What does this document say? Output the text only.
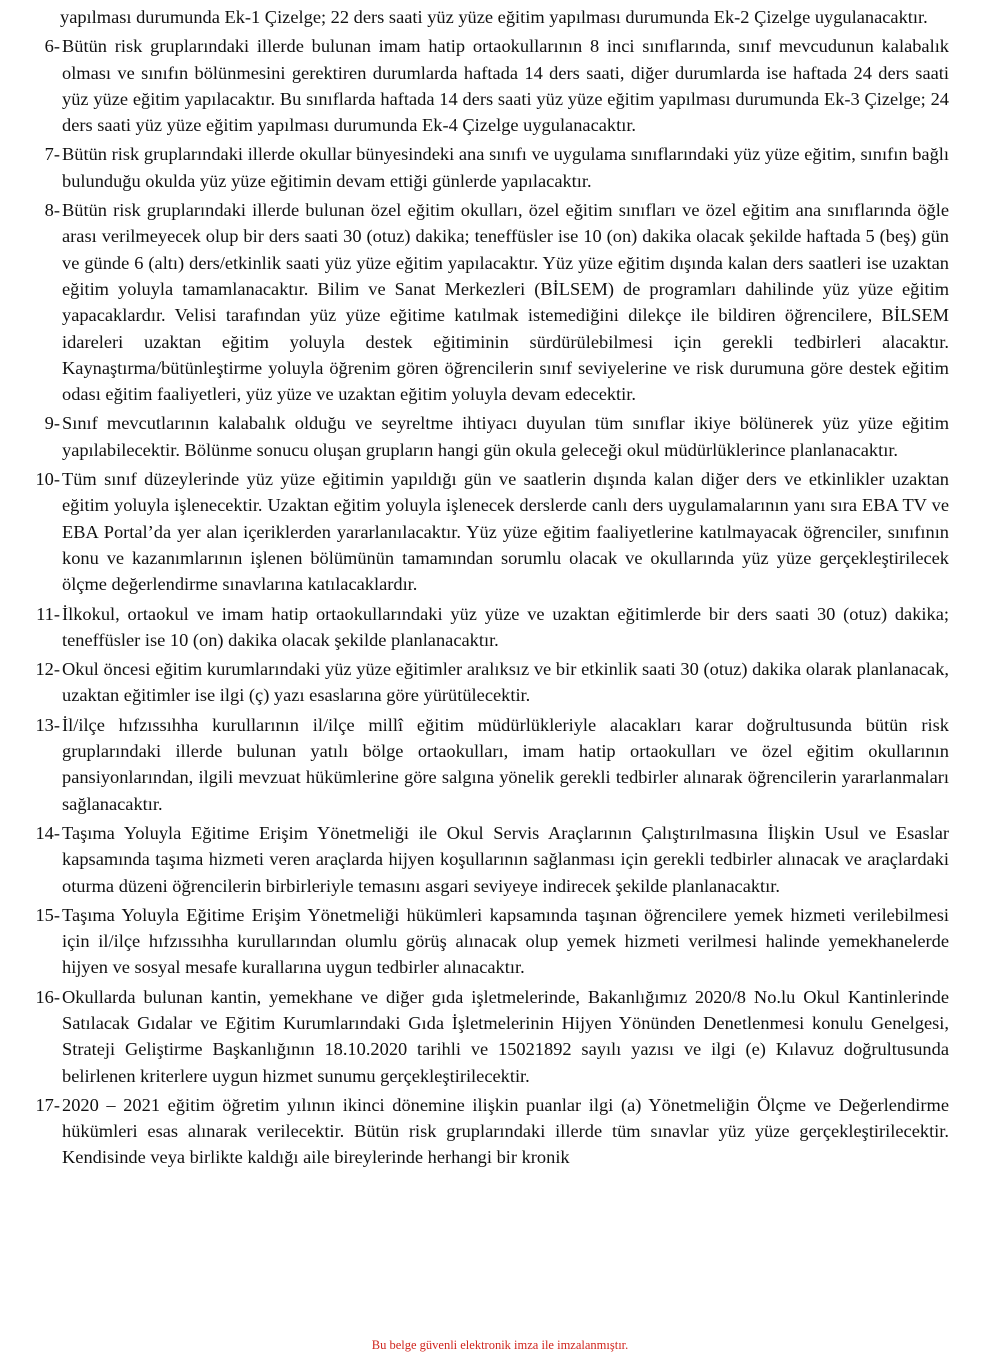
yapılması durumunda Ek-1 Çizelge; 22 ders saati yüz yüze eğitim yapılması durumunda Ek-2 Çizelge uygulanacaktır.
6- Bütün risk gruplarındaki illerde bulunan imam hatip ortaokullarının 8 inci sınıflarında, sınıf mevcudunun kalabalık olması ve sınıfın bölünmesini gerektiren durumlarda haftada 14 ders saati, diğer durumlarda ise haftada 24 ders saati yüz yüze eğitim yapılacaktır. Bu sınıflarda haftada 14 ders saati yüz yüze eğitim yapılması durumunda Ek-3 Çizelge; 24 ders saati yüz yüze eğitim yapılması durumunda Ek-4 Çizelge uygulanacaktır.
7- Bütün risk gruplarındaki illerde okullar bünyesindeki ana sınıfı ve uygulama sınıflarındaki yüz yüze eğitim, sınıfın bağlı bulunduğu okulda yüz yüze eğitimin devam ettiği günlerde yapılacaktır.
8- Bütün risk gruplarındaki illerde bulunan özel eğitim okulları, özel eğitim sınıfları ve özel eğitim ana sınıflarında öğle arası verilmeyecek olup bir ders saati 30 (otuz) dakika; teneffüsler ise 10 (on) dakika olacak şekilde haftada 5 (beş) gün ve günde 6 (altı) ders/etkinlik saati yüz yüze eğitim yapılacaktır. Yüz yüze eğitim dışında kalan ders saatleri ise uzaktan eğitim yoluyla tamamlanacaktır. Bilim ve Sanat Merkezleri (BİLSEM) de programları dahilinde yüz yüze eğitim yapacaklardır. Velisi tarafından yüz yüze eğitime katılmak istemediğini dilekçe ile bildiren öğrencilere, BİLSEM idareleri uzaktan eğitim yoluyla destek eğitiminin sürdürülebilmesi için gerekli tedbirleri alacaktır. Kaynaştırma/bütünleştirme yoluyla öğrenim gören öğrencilerin sınıf seviyelerine ve risk durumuna göre destek eğitim odası eğitim faaliyetleri, yüz yüze ve uzaktan eğitim yoluyla devam edecektir.
9- Sınıf mevcutlarının kalabalık olduğu ve seyreltme ihtiyacı duyulan tüm sınıflar ikiye bölünerek yüz yüze eğitim yapılabilecektir. Bölünme sonucu oluşan grupların hangi gün okula geleceği okul müdürlüklerince planlanacaktır.
10- Tüm sınıf düzeylerinde yüz yüze eğitimin yapıldığı gün ve saatlerin dışında kalan diğer ders ve etkinlikler uzaktan eğitim yoluyla işlenecektir. Uzaktan eğitim yoluyla işlenecek derslerde canlı ders uygulamalarının yanı sıra EBA TV ve EBA Portal’da yer alan içeriklerden yararlanılacaktır. Yüz yüze eğitim faaliyetlerine katılmayacak öğrenciler, sınıfının konu ve kazanımlarının işlenen bölümünün tamamından sorumlu olacak ve okullarında yüz yüze gerçekleştirilecek ölçme değerlendirme sınavlarına katılacaklardır.
11- İlkokul, ortaokul ve imam hatip ortaokullarındaki yüz yüze ve uzaktan eğitimlerde bir ders saati 30 (otuz) dakika; teneffüsler ise 10 (on) dakika olacak şekilde planlanacaktır.
12- Okul öncesi eğitim kurumlarındaki yüz yüze eğitimler aralıksız ve bir etkinlik saati 30 (otuz) dakika olarak planlanacak, uzaktan eğitimler ise ilgi (ç) yazı esaslarına göre yürütülecektir.
13- İl/ilçe hıfzıssıhha kurullarının il/ilçe millî eğitim müdürlükleriyle alacakları karar doğrultusunda bütün risk gruplarındaki illerde bulunan yatılı bölge ortaokulları, imam hatip ortaokulları ve özel eğitim okullarının pansiyonlarından, ilgili mevzuat hükümlerine göre salgına yönelik gerekli tedbirler alınarak öğrencilerin yararlanmaları sağlanacaktır.
14- Taşıma Yoluyla Eğitime Erişim Yönetmeliği ile Okul Servis Araçlarının Çalıştırılmasına İlişkin Usul ve Esaslar kapsamında taşıma hizmeti veren araçlarda hijyen koşullarının sağlanması için gerekli tedbirler alınacak ve araçlardaki oturma düzeni öğrencilerin birbirleriyle temasını asgari seviyeye indirecek şekilde planlanacaktır.
15- Taşıma Yoluyla Eğitime Erişim Yönetmeliği hükümleri kapsamında taşınan öğrencilere yemek hizmeti verilebilmesi için il/ilçe hıfzıssıhha kurullarından olumlu görüş alınacak olup yemek hizmeti verilmesi halinde yemekhanelerde hijyen ve sosyal mesafe kurallarına uygun tedbirler alınacaktır.
16- Okullarda bulunan kantin, yemekhane ve diğer gıda işletmelerinde, Bakanlığımız 2020/8 No.lu Okul Kantinlerinde Satılacak Gıdalar ve Eğitim Kurumlarındaki Gıda İşletmelerinin Hijyen Yönünden Denetlenmesi konulu Genelgesi, Strateji Geliştirme Başkanlığının 18.10.2020 tarihli ve 15021892 sayılı yazısı ve ilgi (e) Kılavuz doğrultusunda belirlenen kriterlere uygun hizmet sunumu gerçekleştirilecektir.
17- 2020 – 2021 eğitim öğretim yılının ikinci dönemine ilişkin puanlar ilgi (a) Yönetmeliğin Ölçme ve Değerlendirme hükümleri esas alınarak verilecektir. Bütün risk gruplarındaki illerde tüm sınavlar yüz yüze gerçekleştirilecektir. Kendisinde veya birlikte kaldığı aile bireylerinde herhangi bir kronik
Bu belge güvenli elektronik imza ile imzalanmıştır.
